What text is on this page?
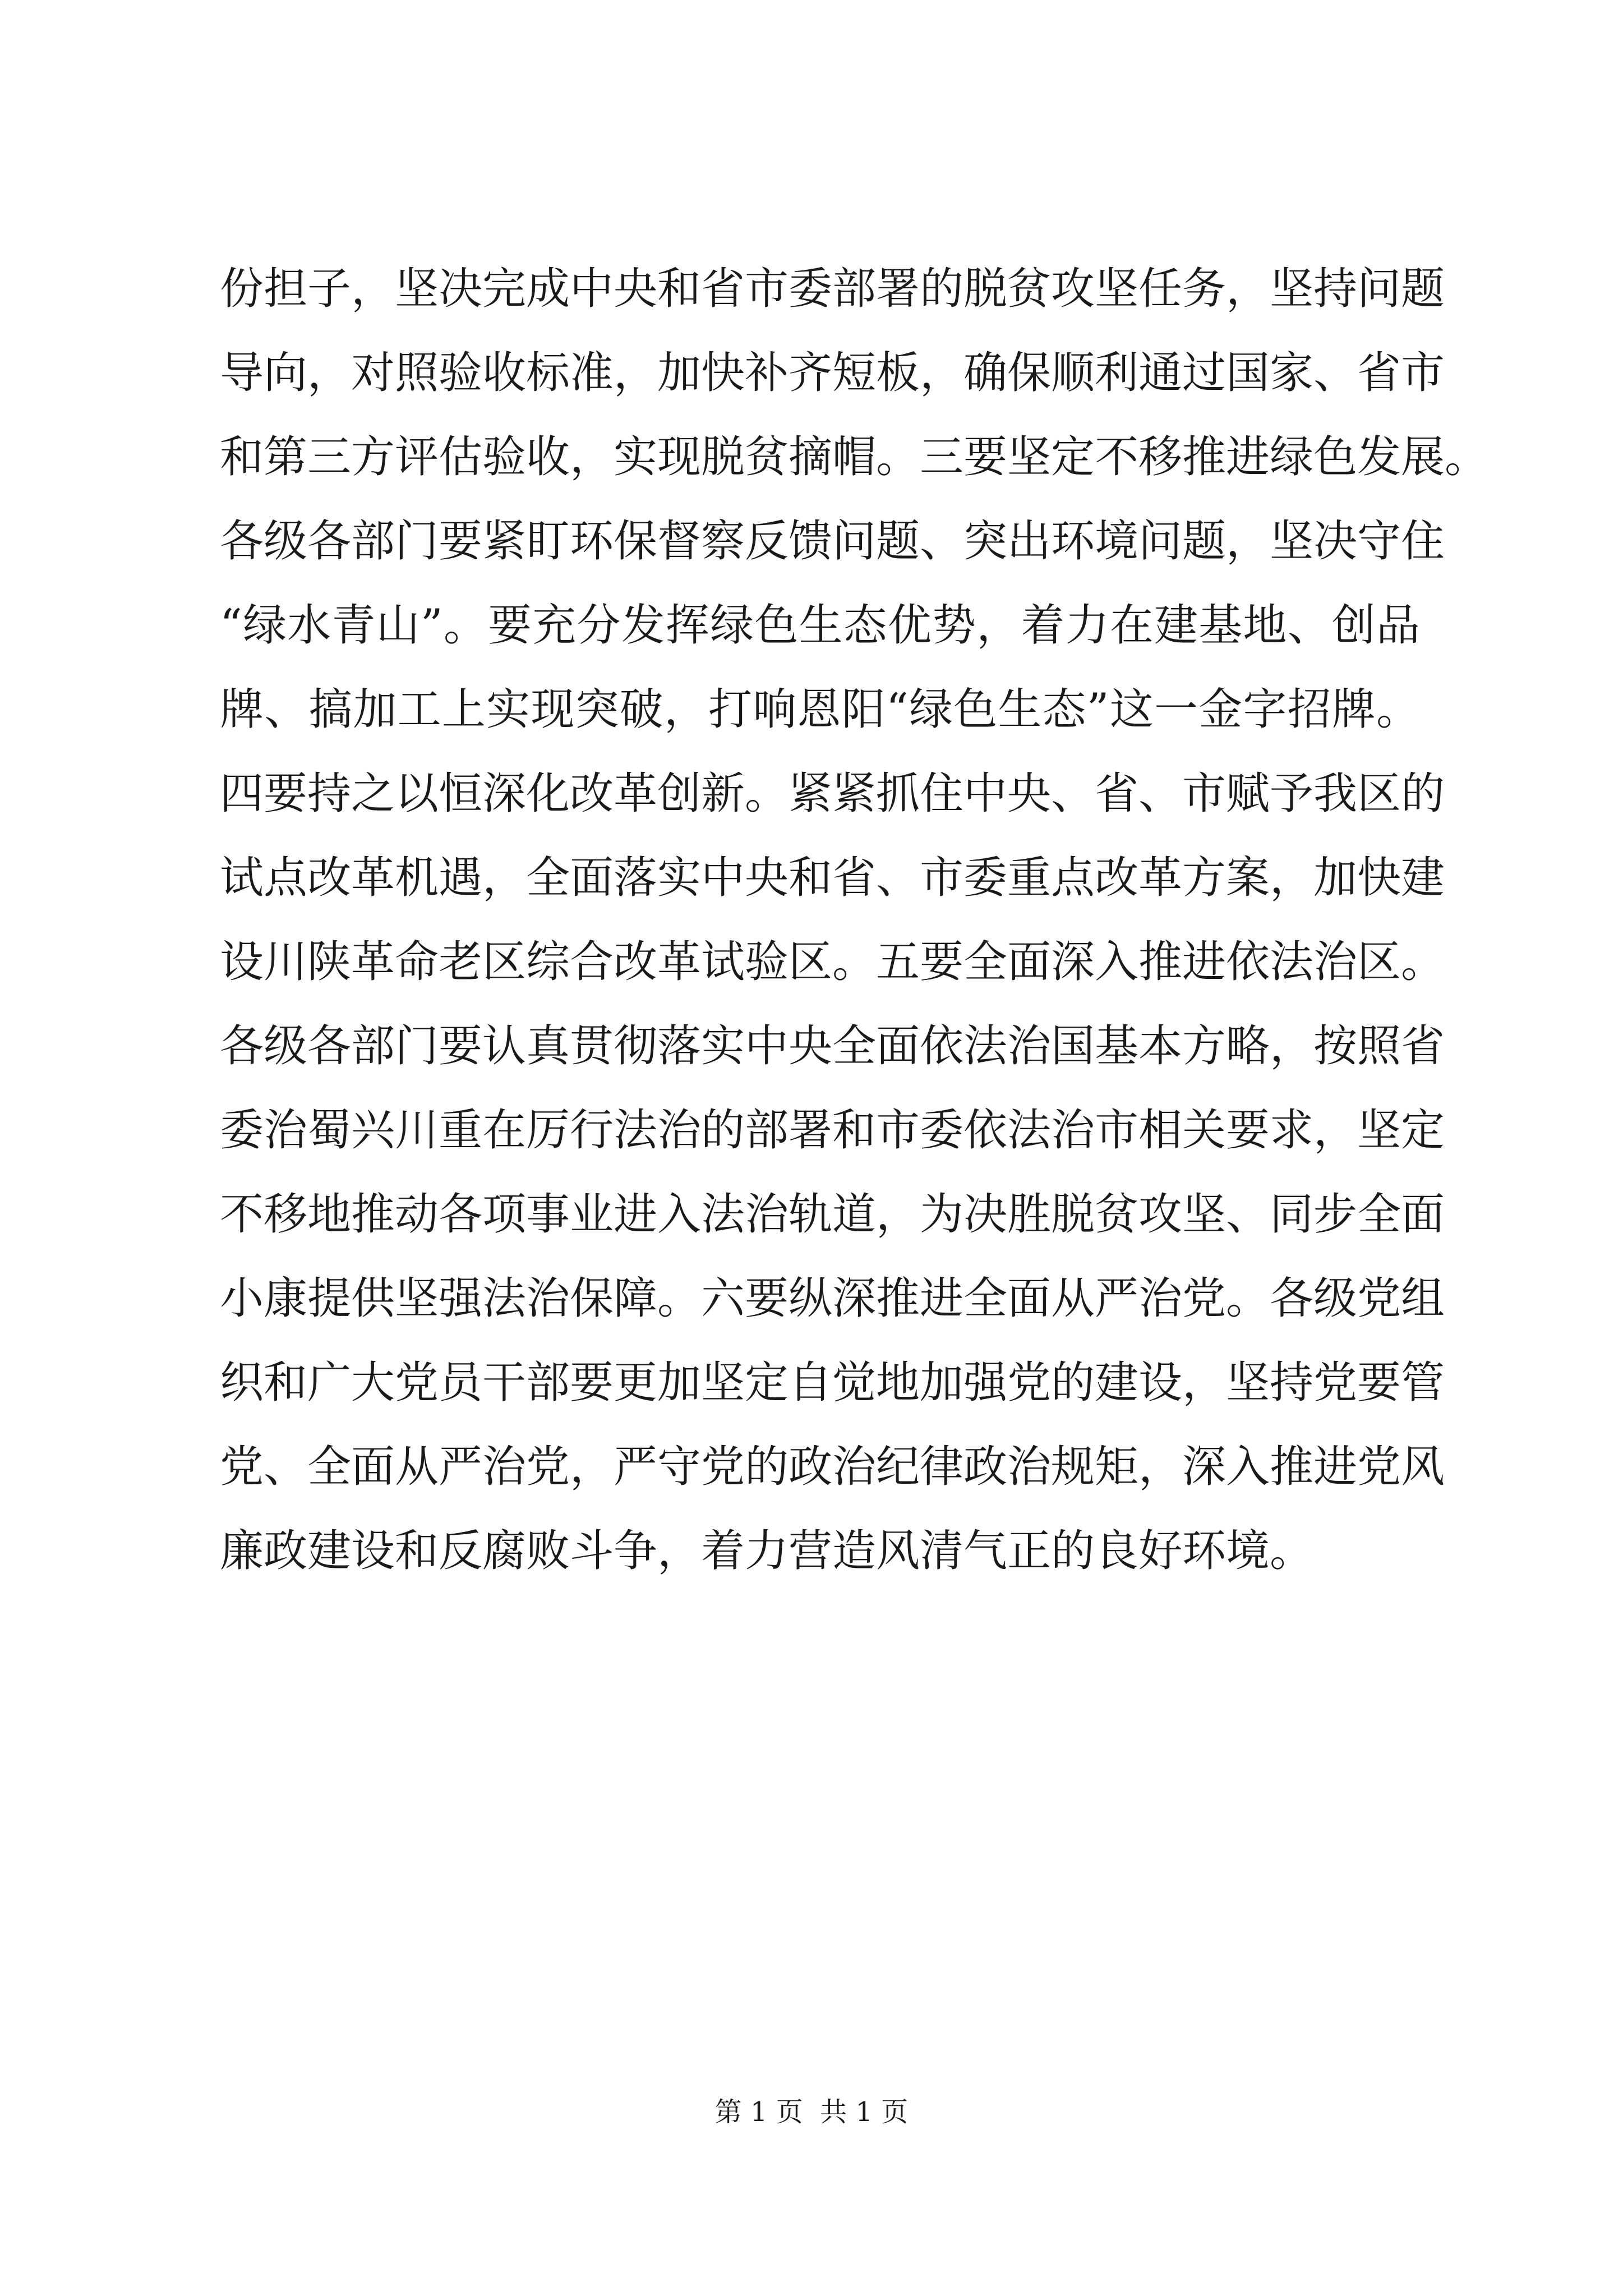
份担子，坚决完成中央和省市委部署的脱贫攻坚任务，坚持问题
导向，对照验收标准，加快补齐短板，确保顺利通过国家、省市
和第三方评估验收，实现脱贫摘帽。三要坚定不移推进绿色发展。
各级各部门要紧盯环保督察反馈问题、突出环境问题，坚决守住
“绿水青山”。要充分发挥绿色生态优势，着力在建基地、创品
牌、搞加工上实现突破，打响恩阳“绿色生态”这一金字招牌。
四要持之以恒深化改革创新。紧紧抓住中央、省、市赋予我区的
试点改革机遇，全面落实中央和省、市委重点改革方案，加快建
设川陕革命老区综合改革试验区。五要全面深入推进依法治区。
各级各部门要认真贯彻落实中央全面依法治国基本方略，按照省
委治蜀兴川重在厉行法治的部署和市委依法治市相关要求，坚定
不移地推动各项事业进入法治轨道，为决胜脱贫攻坚、同步全面
小康提供坚强法治保障。六要纵深推进全面从严治党。各级党组
织和广大党员干部要更加坚定自觉地加强党的建设，坚持党要管
党、全面从严治党，严守党的政治纪律政治规矩，深入推进党风
廉政建设和反腐败斗争，着力营造风清气正的良好环境。
第 1 页  共 1 页
